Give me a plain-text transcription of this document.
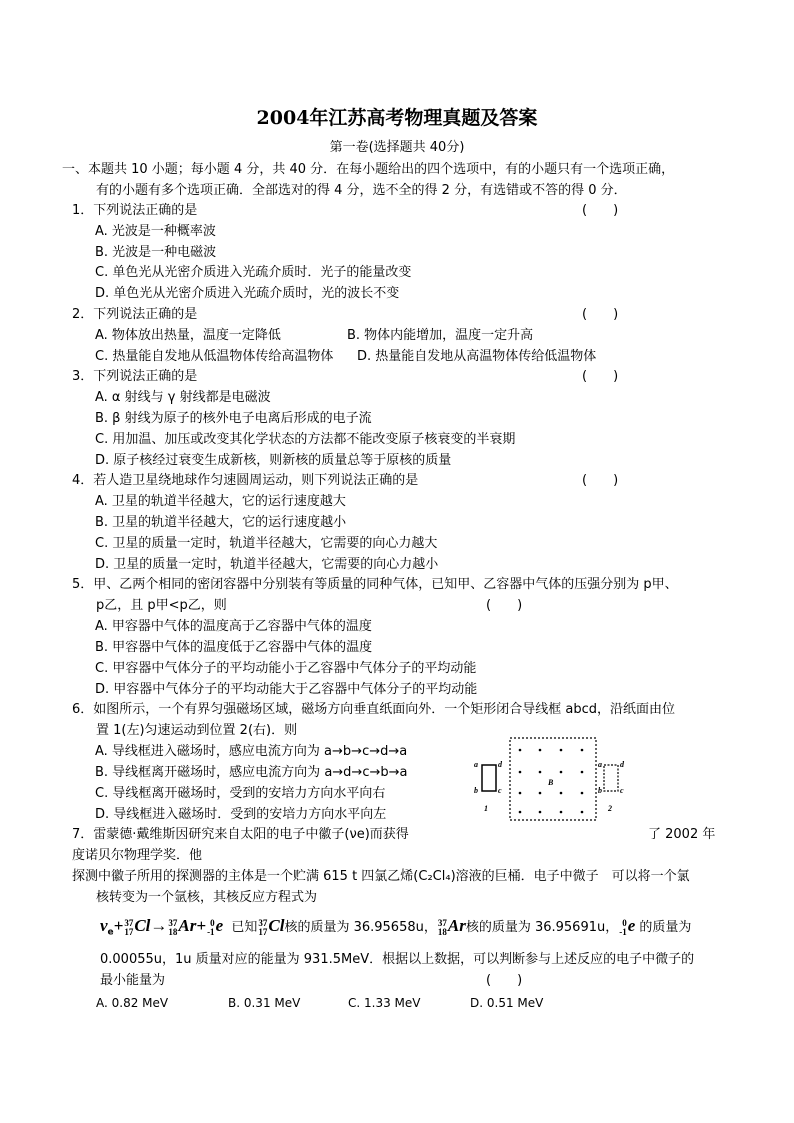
2004年江苏高考物理真题及答案
第一卷(选择题共 40分)
一、本题共 10 小题；每小题 4 分，共 40 分．在每小题给出的四个选项中，有的小题只有一个选项正确，
有的小题有多个选项正确．全部选对的得 4 分，选不全的得 2 分，有选错或不答的得 0 分．
1．下列说法正确的是	(　　)
A. 光波是一种概率波
B. 光波是一种电磁波
C. 单色光从光密介质进入光疏介质时．光子的能量改变
D. 单色光从光密介质进入光疏介质时，光的波长不变
2．下列说法正确的是	(　　)
A. 物体放出热量，温度一定降低	B. 物体内能增加，温度一定升高
C. 热量能自发地从低温物体传给高温物体 D. 热量能自发地从高温物体传给低温物体
3．下列说法正确的是	(　　)
A. α 射线与 γ 射线都是电磁波
B. β 射线为原子的核外电子电离后形成的电子流
C. 用加温、加压或改变其化学状态的方法都不能改变原子核衰变的半衰期
D. 原子核经过衰变生成新核，则新核的质量总等于原核的质量
4．若人造卫星绕地球作匀速圆周运动，则下列说法正确的是	(　　)
A. 卫星的轨道半径越大，它的运行速度越大
B. 卫星的轨道半径越大，它的运行速度越小
C. 卫星的质量一定时，轨道半径越大，它需要的向心力越大
D. 卫星的质量一定时，轨道半径越大，它需要的向心力越小
5．甲、乙两个相同的密闭容器中分别装有等质量的同种气体，已知甲、乙容器中气体的压强分别为 p甲、
p乙，且 p甲<p乙，则	(　　)
A. 甲容器中气体的温度高于乙容器中气体的温度
B. 甲容器中气体的温度低于乙容器中气体的温度
C. 甲容器中气体分子的平均动能小于乙容器中气体分子的平均动能
D. 甲容器中气体分子的平均动能大于乙容器中气体分子的平均动能
6．如图所示，一个有界匀强磁场区域，磁场方向垂直纸面向外．一个矩形闭合导线框 abcd，沿纸面由位
置 1(左)匀速运动到位置 2(右)．则
A. 导线框进入磁场时，感应电流方向为 a→b→c→d→a
B. 导线框离开磁场时，感应电流方向为 a→d→c→b→a
C. 导线框离开磁场时，受到的安培力方向水平向右
D. 导线框进入磁场时．受到的安培力方向水平向左
a
b	c
d
1
B
a
b c
d
2
7．雷蒙德·戴维斯因研究来自太阳的电子中徽子(νe)而获得	了 2002 年
度诺贝尔物理学奖．他
探测中徽子所用的探测器的主体是一个贮满 615 t 四氯乙烯(C₂Cl₄)溶液的巨桶．电子中微子　可以将一个氯
核转变为一个氩核，其核反应方程式为
$\nu_e+ 37$
17 Cl→ 37
18 Ar+ 0
-1 e 已知 37
17 Cl核的质量为 36.95658u， 37
18 Ar核的质量为 36.95691u， 0
-1 e 的质量为
0.00055u，1u 质量对应的能量为 931.5MeV．根据以上数据，可以判断参与上述反应的电子中微子的
最小能量为	(　　)
A. 0.82 MeV	B. 0.31 MeV	C. 1.33 MeV	D. 0.51 MeV
